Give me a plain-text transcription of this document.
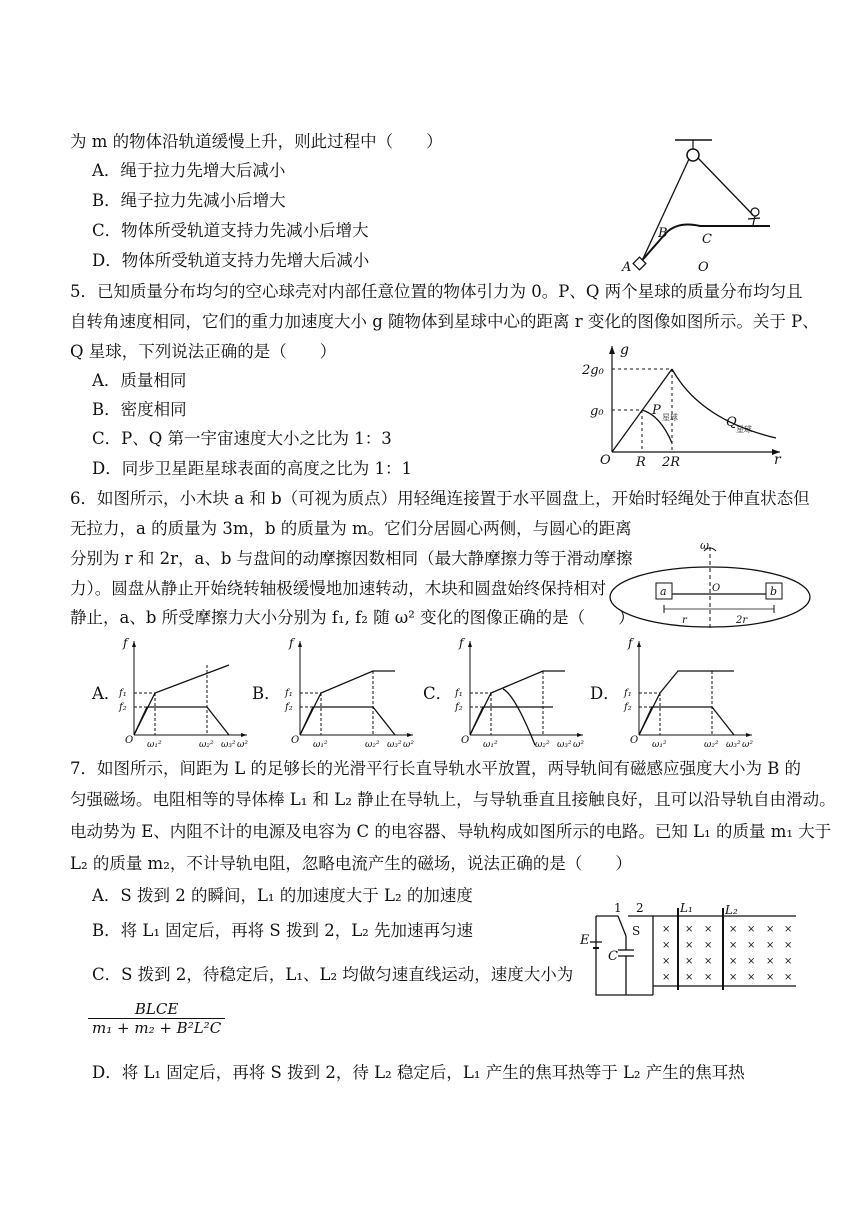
为 m 的物体沿轨道缓慢上升，则此过程中（　　）
A．绳于拉力先增大后减小
B．绳子拉力先减小后增大
C．物体所受轨道支持力先减小后增大
D．物体所受轨道支持力先增大后减小	A
B	C
O
5．已知质量分布均匀的空心球壳对内部任意位置的物体引力为 0。P、Q 两个星球的质量分布均匀且
自转角速度相同，它们的重力加速度大小 g 随物体到星球中心的距离 r 变化的图像如图所示。关于 P、
Q 星球，下列说法正确的是（　　）
A．质量相同
B．密度相同
C．P、Q 第一宇宙速度大小之比为 1：3
D．同步卫星距星球表面的高度之比为 1：1
g
r
O
2g₀
g₀
R 2R
P 星球	Q 星球
6．如图所示，小木块 a 和 b（可视为质点）用轻绳连接置于水平圆盘上，开始时轻绳处于伸直状态但
无拉力，a 的质量为 3m，b 的质量为 m。它们分居圆心两侧，与圆心的距离
分别为 r 和 2r，a、b 与盘间的动摩擦因数相同（最大静摩擦力等于滑动摩擦
力）。圆盘从静止开始绕转轴极缓慢地加速转动，木块和圆盘始终保持相对
静止，a、b 所受摩擦力大小分别为 f₁, f₂ 随 ω² 变化的图像正确的是（　　）
ω
a	b
O
r	2r
A．	B．	C．	D．
f
f₁
f₂
O ω₁²	ω₂² ω₃² ω²
f
f₁
f₂
O ω₁²	ω₂² ω₃² ω²
f
f₁
f₂
O ω₁²	ω₂² ω₃² ω²
f
f₁
f₂
O ω₁²	ω₂² ω₃² ω²
7．如图所示，间距为 L 的足够长的光滑平行长直导轨水平放置，两导轨间有磁感应强度大小为 B 的
匀强磁场。电阻相等的导体棒 L₁ 和 L₂ 静止在导轨上，与导轨垂直且接触良好，且可以沿导轨自由滑动。
电动势为 E、内阻不计的电源及电容为 C 的电容器、导轨构成如图所示的电路。已知 L₁ 的质量 m₁ 大于
L₂ 的质量 m₂，不计导轨电阻，忽略电流产生的磁场，说法正确的是（　　）
A．S 拨到 2 的瞬间，L₁ 的加速度大于 L₂ 的加速度
B．将 L₁ 固定后，再将 S 拨到 2，L₂ 先加速再匀速
C．S 拨到 2，待稳定后，L₁、L₂ 均做匀速直线运动，速度大小为
BLCE
m₁ + m₂ + B²L²C
D．将 L₁ 固定后，再将 S 拨到 2，待 L₂ 稳定后，L₁ 产生的焦耳热等于 L₂ 产生的焦耳热
1 2
S
E
C
L₁	L₂
× × × × × × ×
× × × × × × ×
× × × × × × ×
× × × × × × ×
